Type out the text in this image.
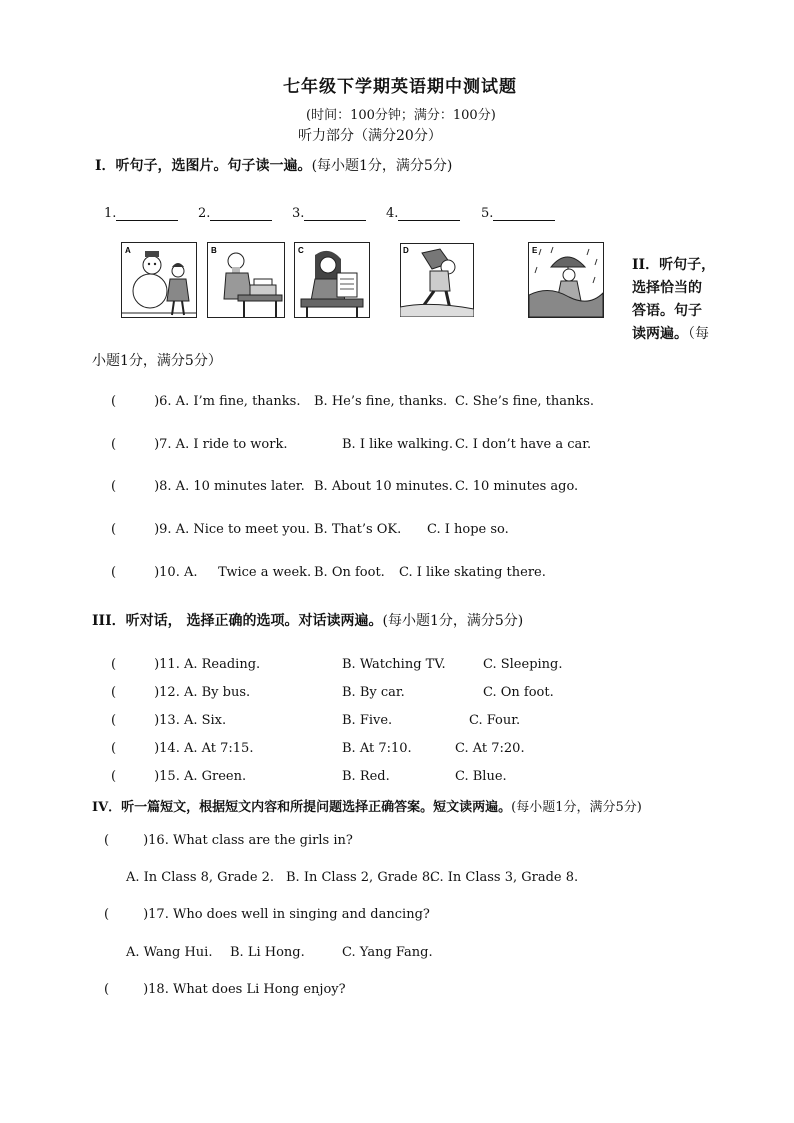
七年级下学期英语期中测试题
(时间：100分钟；满分：100分)
听力部分（满分20分）
I．听句子，选图片。句子读一遍。(每小题1分，满分5分)
1.	2.	3.	4.	5.
A	B	C	D	E
II．听句子，
选择恰当的
答语。句子
读两遍。（每
小题1分，满分5分）
(	)6. A. I’m fine, thanks. B. He’s fine, thanks. C. She’s fine, thanks.
(	)7. A. I ride to work.	B. I like walking. C. I don’t have a car.
(	)8. A. 10 minutes later. B. About 10 minutes. C. 10 minutes ago.
(	)9. A. Nice to meet you. B. That’s OK. C. I hope so.
(	)10. A.     Twice a week. B. On foot. C. I like skating there.
III．听对话， 选择正确的选项。对话读两遍。(每小题1分，满分5分)
(	)11. A. Reading.	B. Watching TV.	C. Sleeping.
(	)12. A. By bus.	B. By car.	C. On foot.
(	)13. A. Six.	B. Five.	C. Four.
(	)14. A. At 7:15.	B. At 7:10.	C. At 7:20.
(	)15. A. Green.	B. Red.	C. Blue.
IV．听一篇短文，根据短文内容和所提问题选择正确答案。短文读两遍。(每小题1分，满分5分)
(	)16. What class are the girls in?
A. In Class 8, Grade 2. B. In Class 2, Grade 8.
C. In Class 3, Grade 8.
(	)17. Who does well in singing and dancing?
A. Wang Hui. B. Li Hong.	C. Yang Fang.
(	)18. What does Li Hong enjoy?
